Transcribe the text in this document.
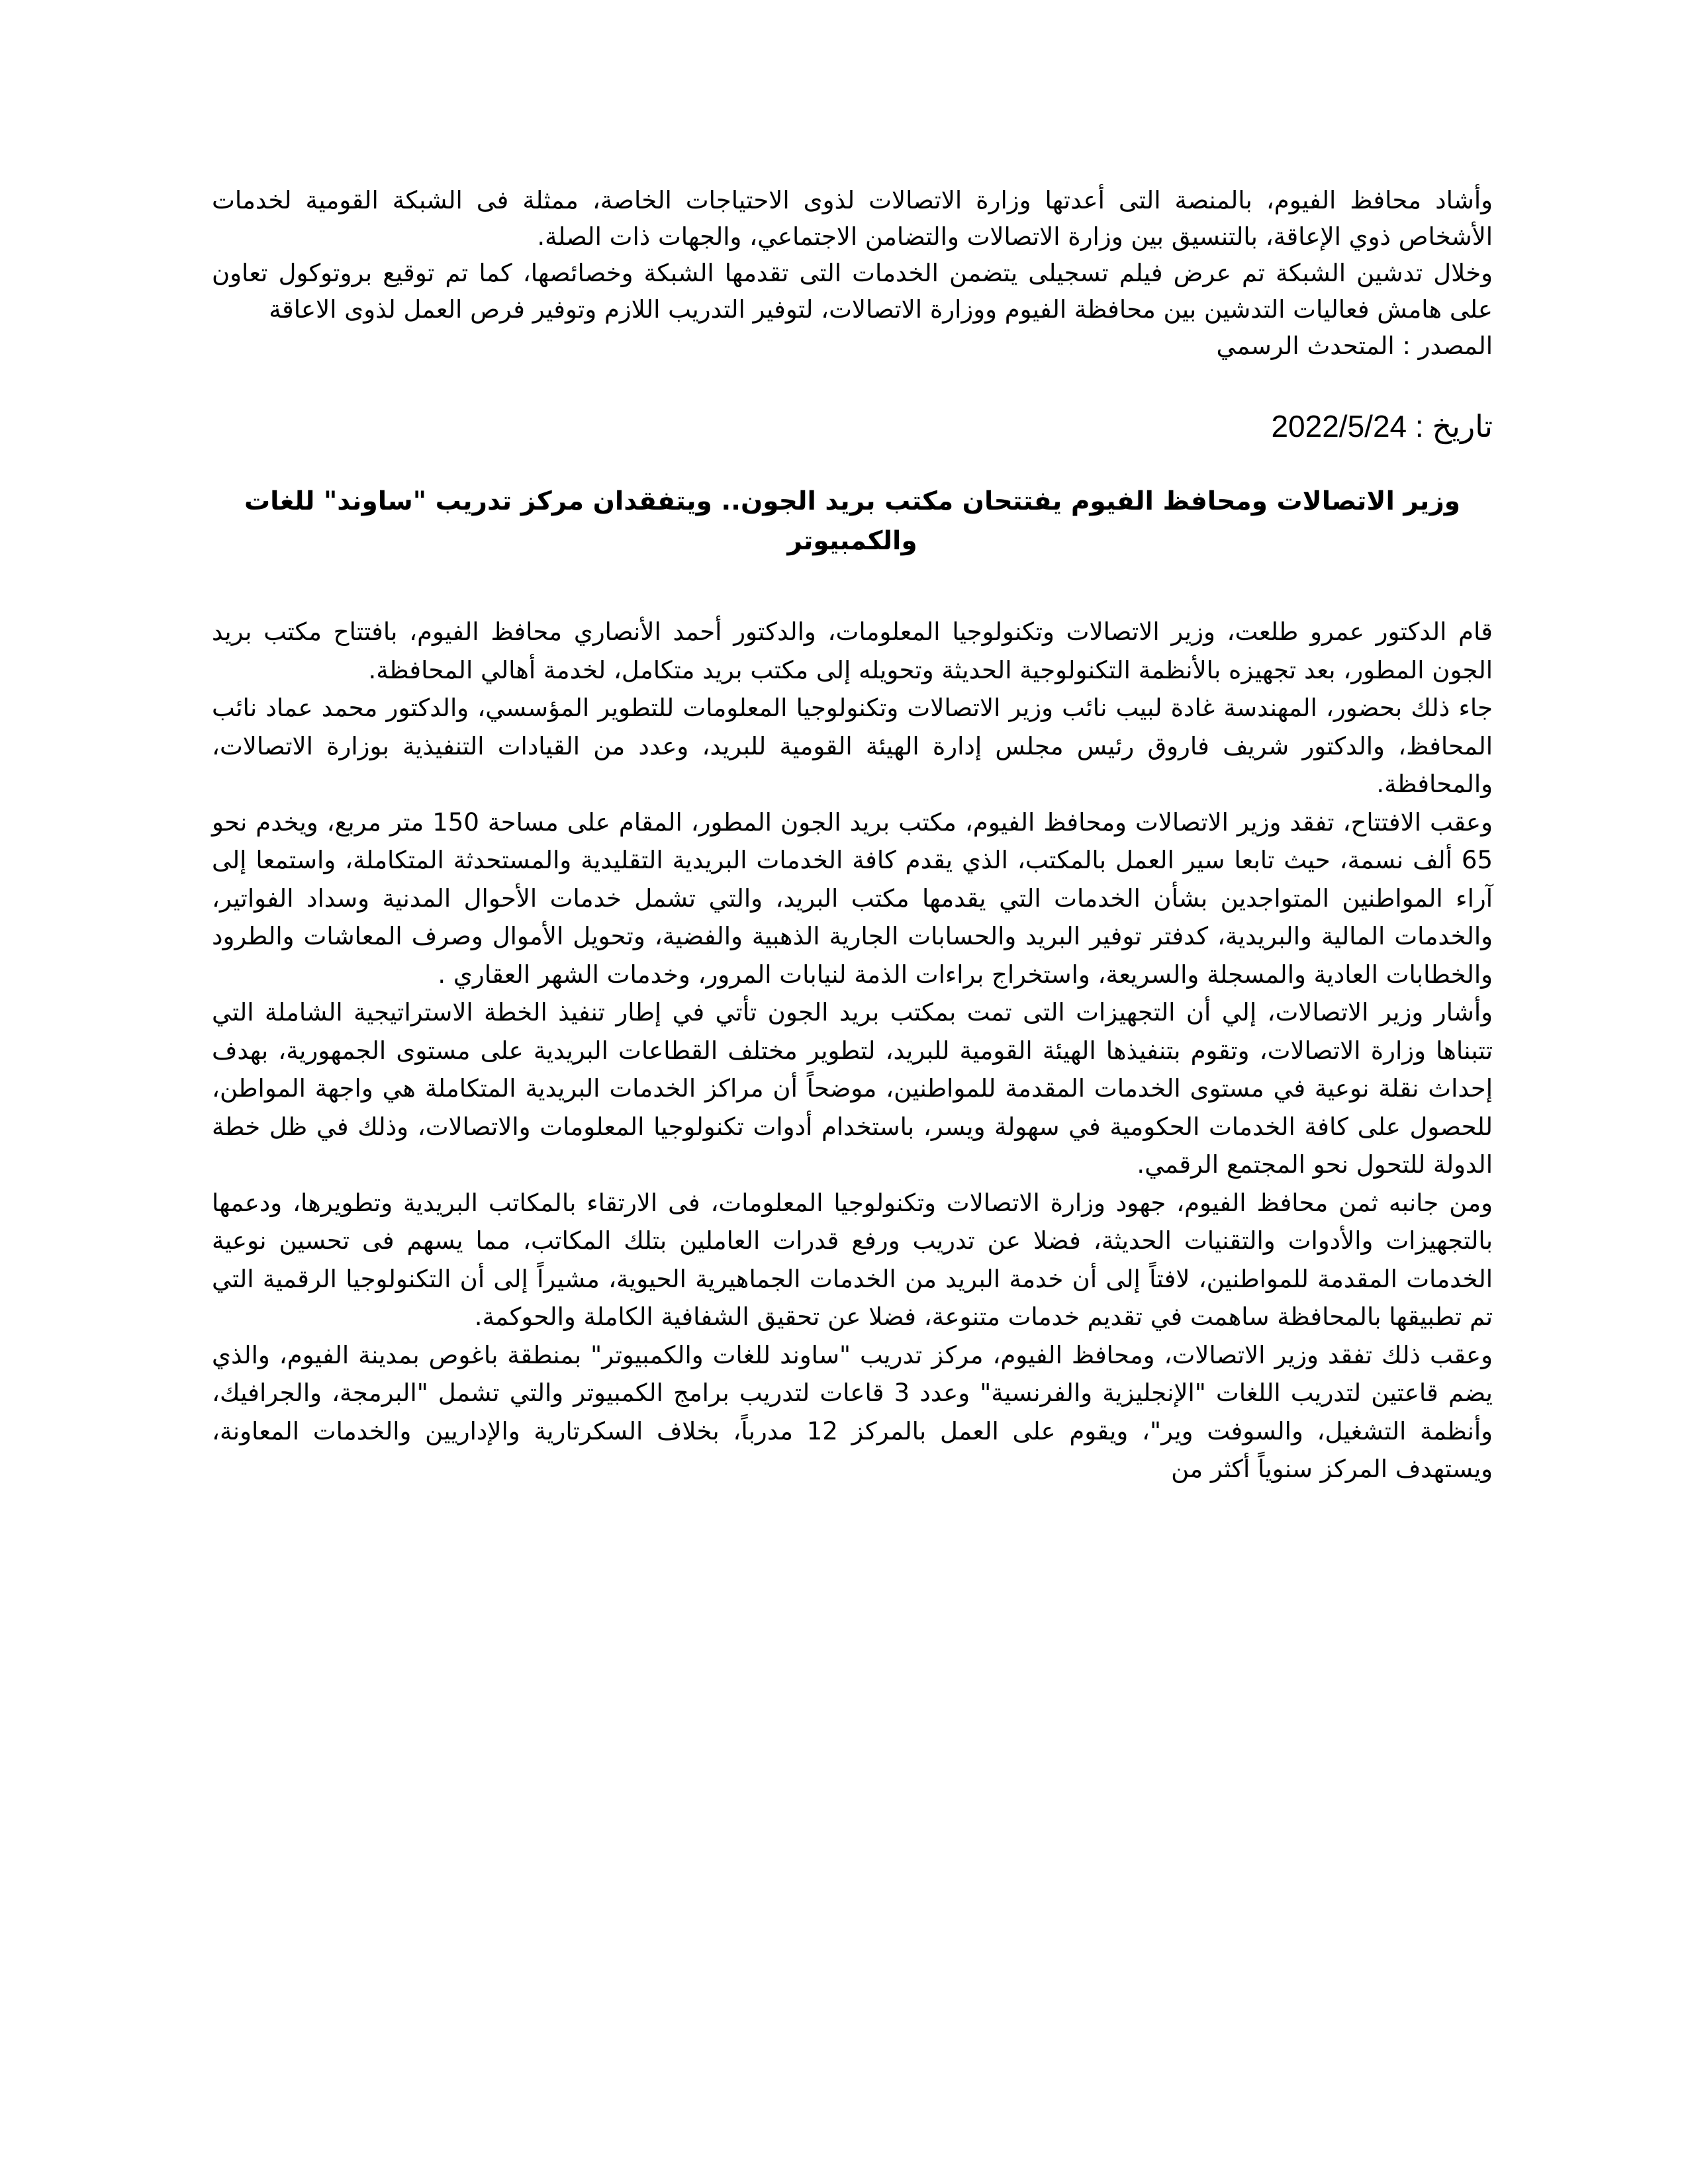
وأشاد محافظ الفيوم، بالمنصة التى أعدتها وزارة الاتصالات لذوى الاحتياجات الخاصة، ممثلة فى الشبكة القومية لخدمات الأشخاص ذوي الإعاقة، بالتنسيق بين وزارة الاتصالات والتضامن الاجتماعي، والجهات ذات الصلة.

وخلال تدشين الشبكة تم عرض فيلم تسجيلى يتضمن الخدمات التى تقدمها الشبكة وخصائصها، كما تم توقيع بروتوكول تعاون على هامش فعاليات التدشين بين محافظة الفيوم ووزارة الاتصالات، لتوفير التدريب اللازم وتوفير فرص العمل لذوى الاعاقة

المصدر : المتحدث الرسمي

تاريخ : 2022/5/24
وزير الاتصالات ومحافظ الفيوم يفتتحان مكتب بريد الجون.. ويتفقدان مركز تدريب "ساوند" للغات والكمبيوتر

قام الدكتور عمرو طلعت، وزير الاتصالات وتكنولوجيا المعلومات، والدكتور أحمد الأنصاري محافظ الفيوم، بافتتاح مكتب بريد الجون المطور، بعد تجهيزه بالأنظمة التكنولوجية الحديثة وتحويله إلى مكتب بريد متكامل، لخدمة أهالي المحافظة.

جاء ذلك بحضور، المهندسة غادة لبيب نائب وزير الاتصالات وتكنولوجيا المعلومات للتطوير المؤسسي، والدكتور محمد عماد نائب المحافظ، والدكتور شريف فاروق رئيس مجلس إدارة الهيئة القومية للبريد، وعدد من القيادات التنفيذية بوزارة الاتصالات، والمحافظة.

وعقب الافتتاح، تفقد وزير الاتصالات ومحافظ الفيوم، مكتب بريد الجون المطور، المقام على مساحة 150 متر مربع، ويخدم نحو 65 ألف نسمة، حيث تابعا سير العمل بالمكتب، الذي يقدم كافة الخدمات البريدية التقليدية والمستحدثة المتكاملة، واستمعا إلى آراء المواطنين المتواجدين بشأن الخدمات التي يقدمها مكتب البريد، والتي تشمل خدمات الأحوال المدنية وسداد الفواتير، والخدمات المالية والبريدية، كدفتر توفير البريد والحسابات الجارية الذهبية والفضية، وتحويل الأموال وصرف المعاشات والطرود والخطابات العادية والمسجلة والسريعة، واستخراج براءات الذمة لنيابات المرور، وخدمات الشهر العقاري .

وأشار وزير الاتصالات، إلي أن التجهيزات التى تمت بمكتب بريد الجون تأتي في إطار تنفيذ الخطة الاستراتيجية الشاملة التي تتبناها وزارة الاتصالات، وتقوم بتنفيذها الهيئة القومية للبريد، لتطوير مختلف القطاعات البريدية على مستوى الجمهورية، بهدف إحداث نقلة نوعية في مستوى الخدمات المقدمة للمواطنين، موضحاً أن مراكز الخدمات البريدية المتكاملة هي واجهة المواطن، للحصول على كافة الخدمات الحكومية في سهولة ويسر، باستخدام أدوات تكنولوجيا المعلومات والاتصالات، وذلك في ظل خطة الدولة للتحول نحو المجتمع الرقمي.

ومن جانبه ثمن محافظ الفيوم، جهود وزارة الاتصالات وتكنولوجيا المعلومات، فى الارتقاء بالمكاتب البريدية وتطويرها، ودعمها بالتجهيزات والأدوات والتقنيات الحديثة، فضلا عن تدريب ورفع قدرات العاملين بتلك المكاتب، مما يسهم فى تحسين نوعية الخدمات المقدمة للمواطنين، لافتاً إلى أن خدمة البريد من الخدمات الجماهيرية الحيوية، مشيراً إلى أن التكنولوجيا الرقمية التي تم تطبيقها بالمحافظة ساهمت في تقديم خدمات متنوعة، فضلا عن تحقيق الشفافية الكاملة والحوكمة.

وعقب ذلك تفقد وزير الاتصالات، ومحافظ الفيوم، مركز تدريب "ساوند للغات والكمبيوتر" بمنطقة باغوص بمدينة الفيوم، والذي يضم قاعتين لتدريب اللغات "الإنجليزية والفرنسية" وعدد 3 قاعات لتدريب برامج الكمبيوتر والتي تشمل "البرمجة، والجرافيك، وأنظمة التشغيل، والسوفت وير"، ويقوم على العمل بالمركز 12 مدرباً، بخلاف السكرتارية والإداريين والخدمات المعاونة، ويستهدف المركز سنوياً أكثر من
